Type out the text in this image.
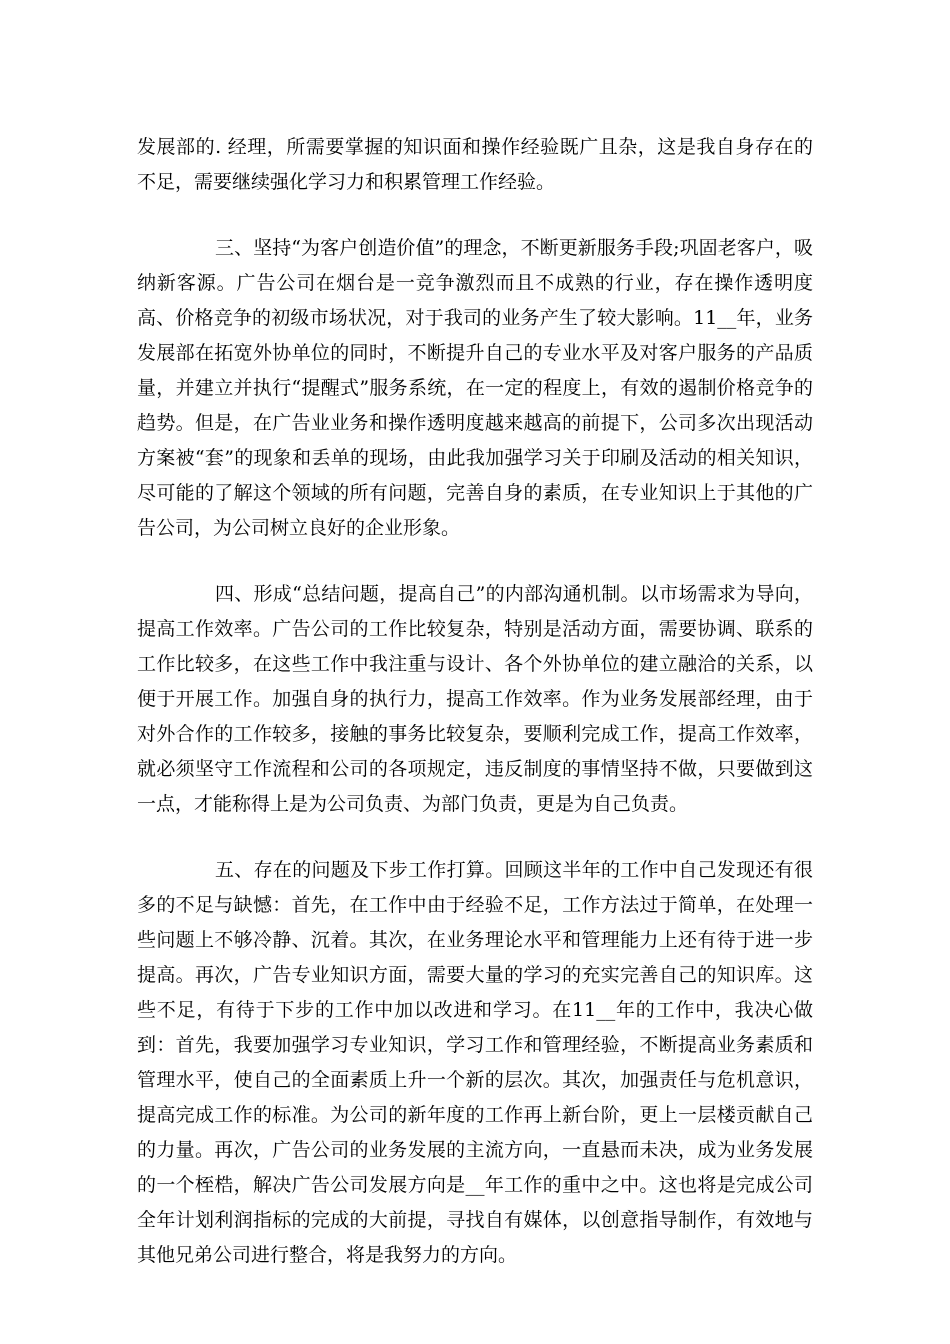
发展部的. 经理，所需要掌握的知识面和操作经验既广且杂，这是我自身存在的不足，需要继续强化学习力和积累管理工作经验。

三、坚持“为客户创造价值”的理念，不断更新服务手段;巩固老客户，吸纳新客源。广告公司在烟台是一竞争激烈而且不成熟的行业，存在操作透明度高、价格竞争的初级市场状况，对于我司的业务产生了较大影响。11__年，业务发展部在拓宽外协单位的同时，不断提升自己的专业水平及对客户服务的产品质量，并建立并执行“提醒式”服务系统，在一定的程度上，有效的遏制价格竞争的趋势。但是，在广告业业务和操作透明度越来越高的前提下，公司多次出现活动方案被“套”的现象和丢单的现场，由此我加强学习关于印刷及活动的相关知识，尽可能的了解这个领域的所有问题，完善自身的素质，在专业知识上于其他的广告公司，为公司树立良好的企业形象。

四、形成“总结问题，提高自己”的内部沟通机制。以市场需求为导向，提高工作效率。广告公司的工作比较复杂，特别是活动方面，需要协调、联系的工作比较多，在这些工作中我注重与设计、各个外协单位的建立融洽的关系，以便于开展工作。加强自身的执行力，提高工作效率。作为业务发展部经理，由于对外合作的工作较多，接触的事务比较复杂，要顺利完成工作，提高工作效率，就必须坚守工作流程和公司的各项规定，违反制度的事情坚持不做，只要做到这一点，才能称得上是为公司负责、为部门负责，更是为自己负责。

五、存在的问题及下步工作打算。回顾这半年的工作中自己发现还有很多的不足与缺憾：首先，在工作中由于经验不足，工作方法过于简单，在处理一些问题上不够冷静、沉着。其次，在业务理论水平和管理能力上还有待于进一步提高。再次，广告专业知识方面，需要大量的学习的充实完善自己的知识库。这些不足，有待于下步的工作中加以改进和学习。在11__年的工作中，我决心做到：首先，我要加强学习专业知识，学习工作和管理经验，不断提高业务素质和管理水平，使自己的全面素质上升一个新的层次。其次，加强责任与危机意识，提高完成工作的标准。为公司的新年度的工作再上新台阶，更上一层楼贡献自己的力量。再次，广告公司的业务发展的主流方向，一直悬而未决，成为业务发展的一个桎梏，解决广告公司发展方向是__年工作的重中之中。这也将是完成公司全年计划利润指标的完成的大前提，寻找自有媒体，以创意指导制作，有效地与其他兄弟公司进行整合，将是我努力的方向。
